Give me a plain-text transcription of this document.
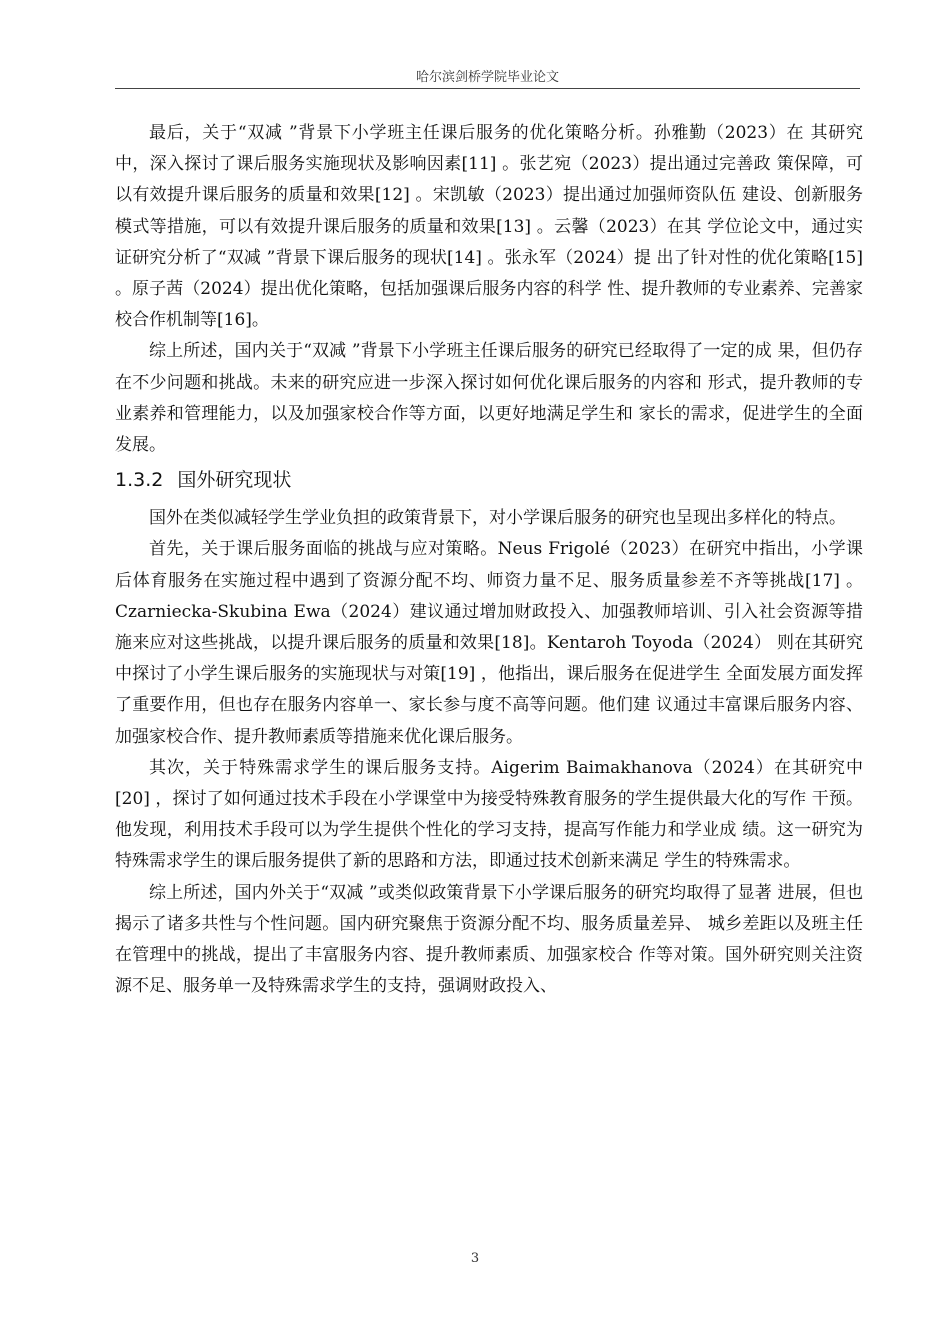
哈尔滨剑桥学院毕业论文

最后，关于“双减 ”背景下小学班主任课后服务的优化策略分析。孙雅勤（2023）在 其研究中，深入探讨了课后服务实施现状及影响因素[11] 。张艺宛（2023）提出通过完善政 策保障，可以有效提升课后服务的质量和效果[12] 。宋凯敏（2023）提出通过加强师资队伍 建设、创新服务模式等措施，可以有效提升课后服务的质量和效果[13] 。云馨（2023）在其 学位论文中，通过实证研究分析了“双减 ”背景下课后服务的现状[14] 。张永军（2024）提 出了针对性的优化策略[15] 。原子茜（2024）提出优化策略，包括加强课后服务内容的科学 性、提升教师的专业素养、完善家校合作机制等[16]。

综上所述，国内关于“双减 ”背景下小学班主任课后服务的研究已经取得了一定的成 果，但仍存在不少问题和挑战。未来的研究应进一步深入探讨如何优化课后服务的内容和 形式，提升教师的专业素养和管理能力，以及加强家校合作等方面，以更好地满足学生和 家长的需求，促进学生的全面发展。

1.3.2 国外研究现状

国外在类似减轻学生学业负担的政策背景下，对小学课后服务的研究也呈现出多样化的特点。

首先，关于课后服务面临的挑战与应对策略。Neus Frigolé（2023）在研究中指出，小学课后体育服务在实施过程中遇到了资源分配不均、师资力量不足、服务质量参差不齐等挑战[17] 。Czarniecka-Skubina Ewa（2024）建议通过增加财政投入、加强教师培训、引入社会资源等措施来应对这些挑战，以提升课后服务的质量和效果[18]。Kentaroh Toyoda（2024） 则在其研究中探讨了小学生课后服务的实施现状与对策[19] ，他指出，课后服务在促进学生 全面发展方面发挥了重要作用，但也存在服务内容单一、家长参与度不高等问题。他们建 议通过丰富课后服务内容、加强家校合作、提升教师素质等措施来优化课后服务。

其次，关于特殊需求学生的课后服务支持。Aigerim Baimakhanova（2024）在其研究中 [20] ，探讨了如何通过技术手段在小学课堂中为接受特殊教育服务的学生提供最大化的写作 干预。他发现，利用技术手段可以为学生提供个性化的学习支持，提高写作能力和学业成 绩。这一研究为特殊需求学生的课后服务提供了新的思路和方法，即通过技术创新来满足 学生的特殊需求。

综上所述，国内外关于“双减 ”或类似政策背景下小学课后服务的研究均取得了显著 进展，但也揭示了诸多共性与个性问题。国内研究聚焦于资源分配不均、服务质量差异、 城乡差距以及班主任在管理中的挑战，提出了丰富服务内容、提升教师素质、加强家校合 作等对策。国外研究则关注资源不足、服务单一及特殊需求学生的支持，强调财政投入、

3
